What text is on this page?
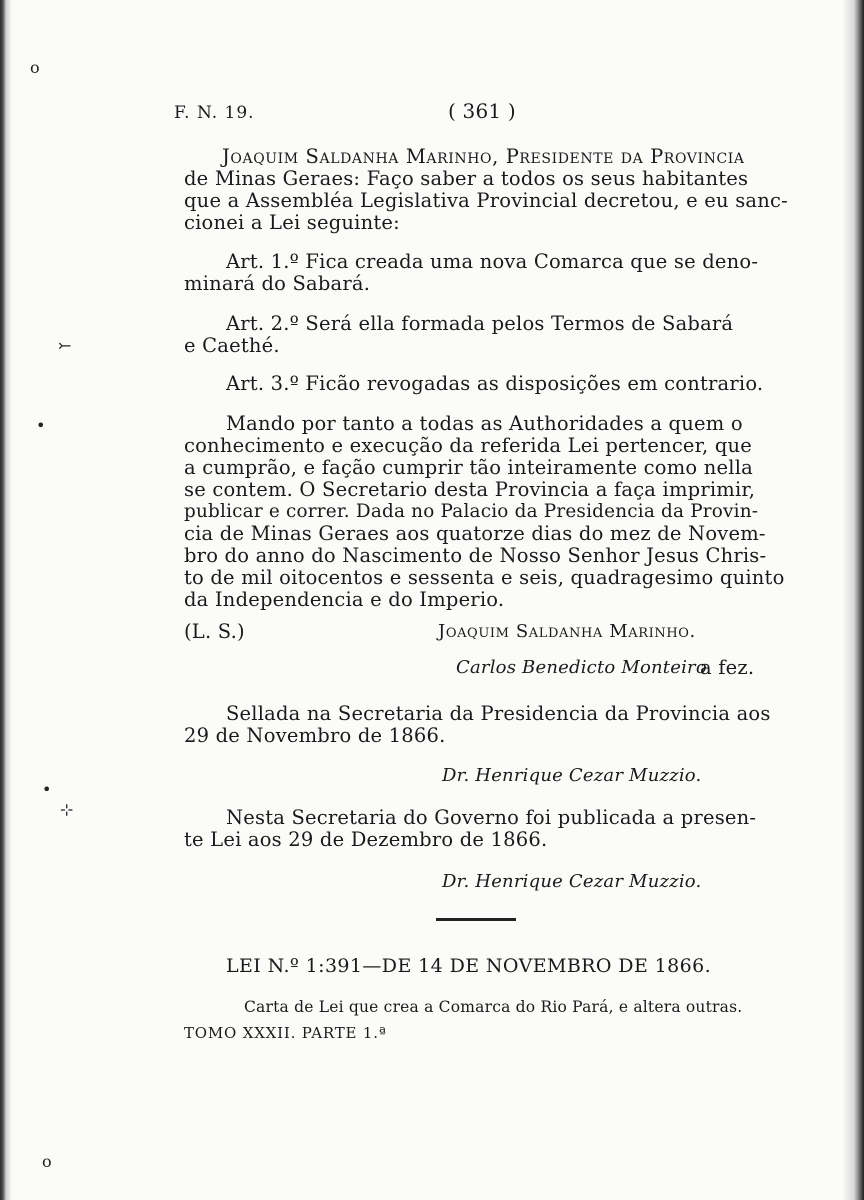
o
⤚
•
•
⊹
o
F. N. 19.	( 361 )
Joaquim Saldanha Marinho, Presidente da Provincia
de Minas Geraes: Faço saber a todos os seus habitantes
que a Assembléa Legislativa Provincial decretou, e eu sanc-
cionei a Lei seguinte:
Art. 1.º Fica creada uma nova Comarca que se deno-
minará do Sabará.
Art. 2.º Será ella formada pelos Termos de Sabará
e Caethé.
Art. 3.º Ficão revogadas as disposições em contrario.
Mando por tanto a todas as Authoridades a quem o
conhecimento e execução da referida Lei pertencer, que
a cumprão, e fação cumprir tão inteiramente como nella
se contem. O Secretario desta Provincia a faça imprimir,
publicar e correr. Dada no Palacio da Presidencia da Provin-
cia de Minas Geraes aos quatorze dias do mez de Novem-
bro do anno do Nascimento de Nosso Senhor Jesus Chris-
to de mil oitocentos e sessenta e seis, quadragesimo quinto
da Independencia e do Imperio.
(L. S.)	Joaquim Saldanha Marinho.
Carlos Benedicto Monteiro
a fez.
Sellada na Secretaria da Presidencia da Provincia aos
29 de Novembro de 1866.
Dr. Henrique Cezar Muzzio.
Nesta Secretaria do Governo foi publicada a presen-
te Lei aos 29 de Dezembro de 1866.
Dr. Henrique Cezar Muzzio.
LEI N.º 1:391—DE 14 DE NOVEMBRO DE 1866.
Carta de Lei que crea a Comarca do Rio Pará, e altera outras.
TOMO XXXII. PARTE 1.ª
